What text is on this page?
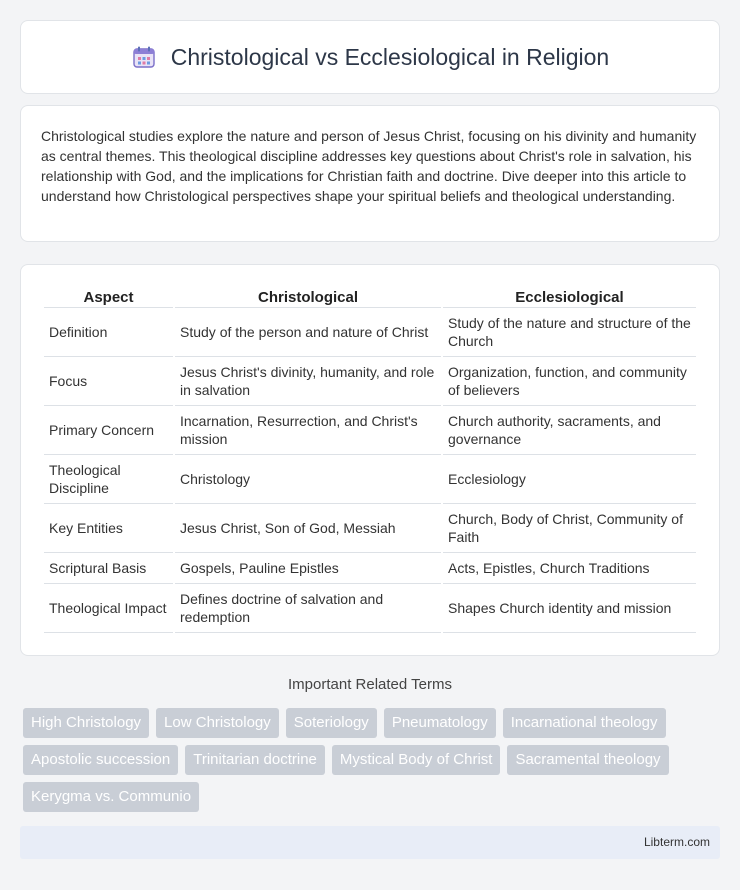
Christological vs Ecclesiological in Religion

Christological studies explore the nature and person of Jesus Christ, focusing on his divinity and humanity as central themes. This theological discipline addresses key questions about Christ's role in salvation, his relationship with God, and the implications for Christian faith and doctrine. Dive deeper into this article to understand how Christological perspectives shape your spiritual beliefs and theological understanding.

Aspect	Christological	Ecclesiological
Definition	Study of the person and nature of Christ	Study of the nature and structure of the Church
Focus	Jesus Christ's divinity, humanity, and role in salvation	Organization, function, and community of believers
Primary Concern	Incarnation, Resurrection, and Christ's mission	Church authority, sacraments, and governance
Theological Discipline	Christology	Ecclesiology
Key Entities	Jesus Christ, Son of God, Messiah	Church, Body of Christ, Community of Faith
Scriptural Basis	Gospels, Pauline Epistles	Acts, Epistles, Church Traditions
Theological Impact	Defines doctrine of salvation and redemption	Shapes Church identity and mission
Important Related Terms
High Christology	Low Christology	Soteriology	Pneumatology	Incarnational theology
Apostolic succession	Trinitarian doctrine	Mystical Body of Christ	Sacramental theology
Kerygma vs. Communio
Libterm.com
